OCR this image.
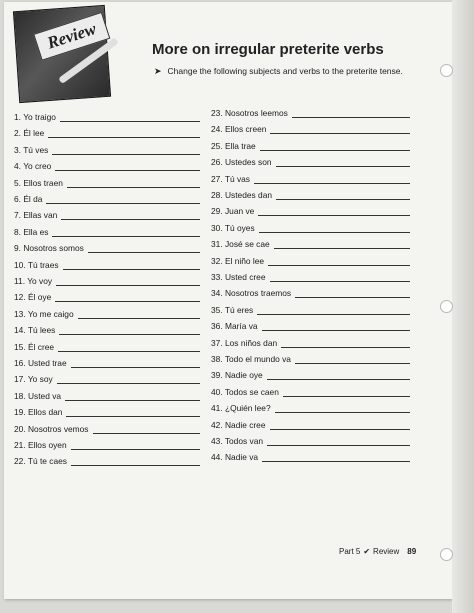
Review	More on irregular preterite verbs
➤ Change the following subjects and verbs to the preterite tense.
1. Yo traigo
2. Él lee
3. Tú ves
4. Yo creo
5. Ellos traen
6. Él da
7. Ellas van
8. Ella es
9. Nosotros somos
10. Tú traes
11. Yo voy
12. Él oye
13. Yo me caigo
14. Tú lees
15. Él cree
16. Usted trae
17. Yo soy
18. Usted va
19. Ellos dan
20. Nosotros vemos
21. Ellos oyen
22. Tú te caes
23. Nosotros leemos
24. Ellos creen
25. Ella trae
26. Ustedes son
27. Tú vas
28. Ustedes dan
29. Juan ve
30. Tú oyes
31. José se cae
32. El niño lee
33. Usted cree
34. Nosotros traemos
35. Tú eres
36. María va
37. Los niños dan
38. Todo el mundo va
39. Nadie oye
40. Todos se caen
41. ¿Quién lee?
42. Nadie cree
43. Todos van
44. Nadie va
Part 5 ✔ Review 89
